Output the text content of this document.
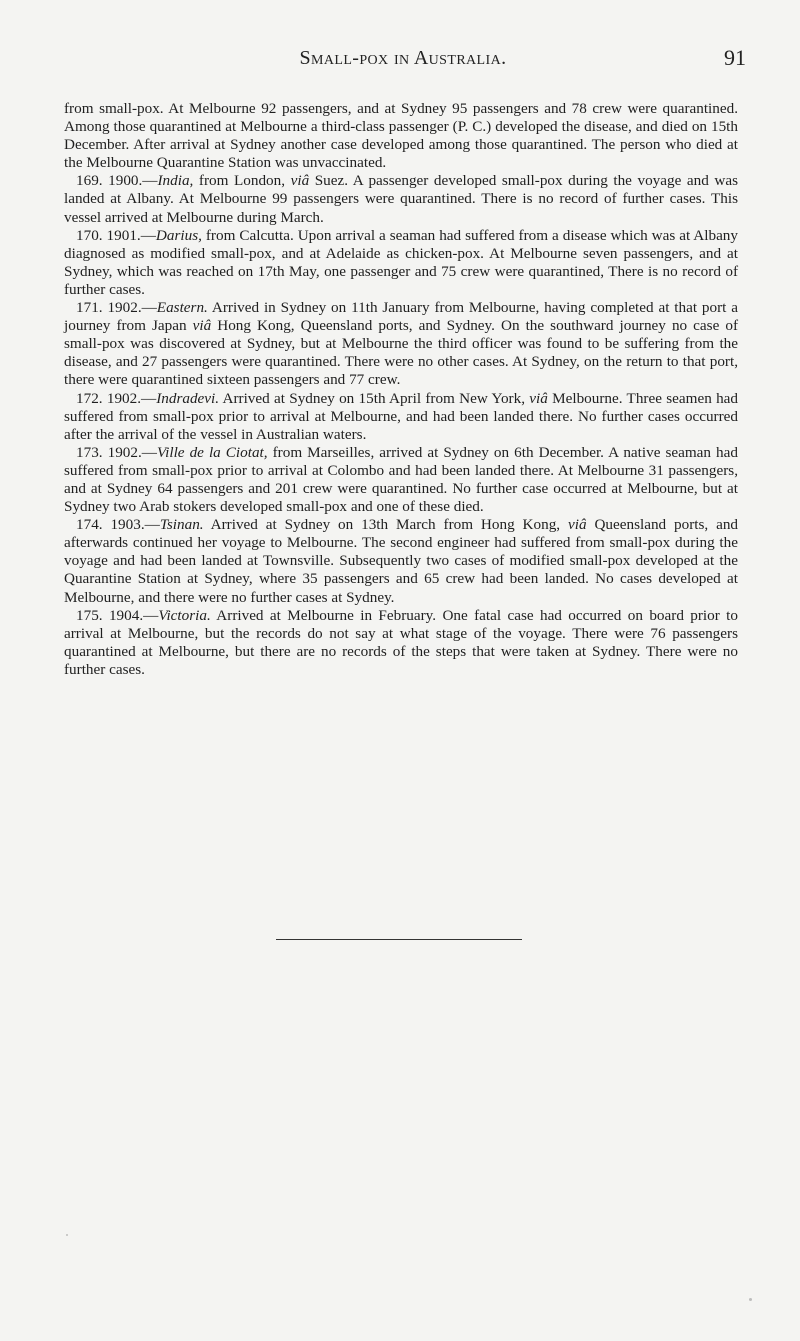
Small-pox in Australia.	91

from small-pox. At Melbourne 92 passengers, and at Sydney 95 passengers and 78 crew were quarantined. Among those quarantined at Melbourne a third-class passenger (P. C.) developed the disease, and died on 15th December. After arrival at Sydney another case developed among those quarantined. The person who died at the Melbourne Quarantine Station was unvaccinated.

169. 1900.—India, from London, viâ Suez. A passenger developed small-pox during the voyage and was landed at Albany. At Melbourne 99 passengers were quarantined. There is no record of further cases. This vessel arrived at Melbourne during March.

170. 1901.—Darius, from Calcutta. Upon arrival a seaman had suffered from a disease which was at Albany diagnosed as modified small-pox, and at Adelaide as chicken-pox. At Melbourne seven passengers, and at Sydney, which was reached on 17th May, one passenger and 75 crew were quarantined, There is no record of further cases.

171. 1902.—Eastern. Arrived in Sydney on 11th January from Melbourne, having completed at that port a journey from Japan viâ Hong Kong, Queensland ports, and Sydney. On the southward journey no case of small-pox was discovered at Sydney, but at Melbourne the third officer was found to be suffering from the disease, and 27 passengers were quarantined. There were no other cases. At Sydney, on the return to that port, there were quarantined sixteen passengers and 77 crew.

172. 1902.—Indradevi. Arrived at Sydney on 15th April from New York, viâ Melbourne. Three seamen had suffered from small-pox prior to arrival at Melbourne, and had been landed there. No further cases occurred after the arrival of the vessel in Australian waters.

173. 1902.—Ville de la Ciotat, from Marseilles, arrived at Sydney on 6th December. A native seaman had suffered from small-pox prior to arrival at Colombo and had been landed there. At Melbourne 31 passengers, and at Sydney 64 passengers and 201 crew were quarantined. No further case occurred at Melbourne, but at Sydney two Arab stokers developed small-pox and one of these died.

174. 1903.—Tsinan. Arrived at Sydney on 13th March from Hong Kong, viâ Queensland ports, and afterwards continued her voyage to Melbourne. The second engineer had suffered from small-pox during the voyage and had been landed at Townsville. Subsequently two cases of modified small-pox developed at the Quarantine Station at Sydney, where 35 passengers and 65 crew had been landed. No cases developed at Melbourne, and there were no further cases at Sydney.

175. 1904.—Victoria. Arrived at Melbourne in February. One fatal case had occurred on board prior to arrival at Melbourne, but the records do not say at what stage of the voyage. There were 76 passengers quarantined at Melbourne, but there are no records of the steps that were taken at Sydney. There were no further cases.
